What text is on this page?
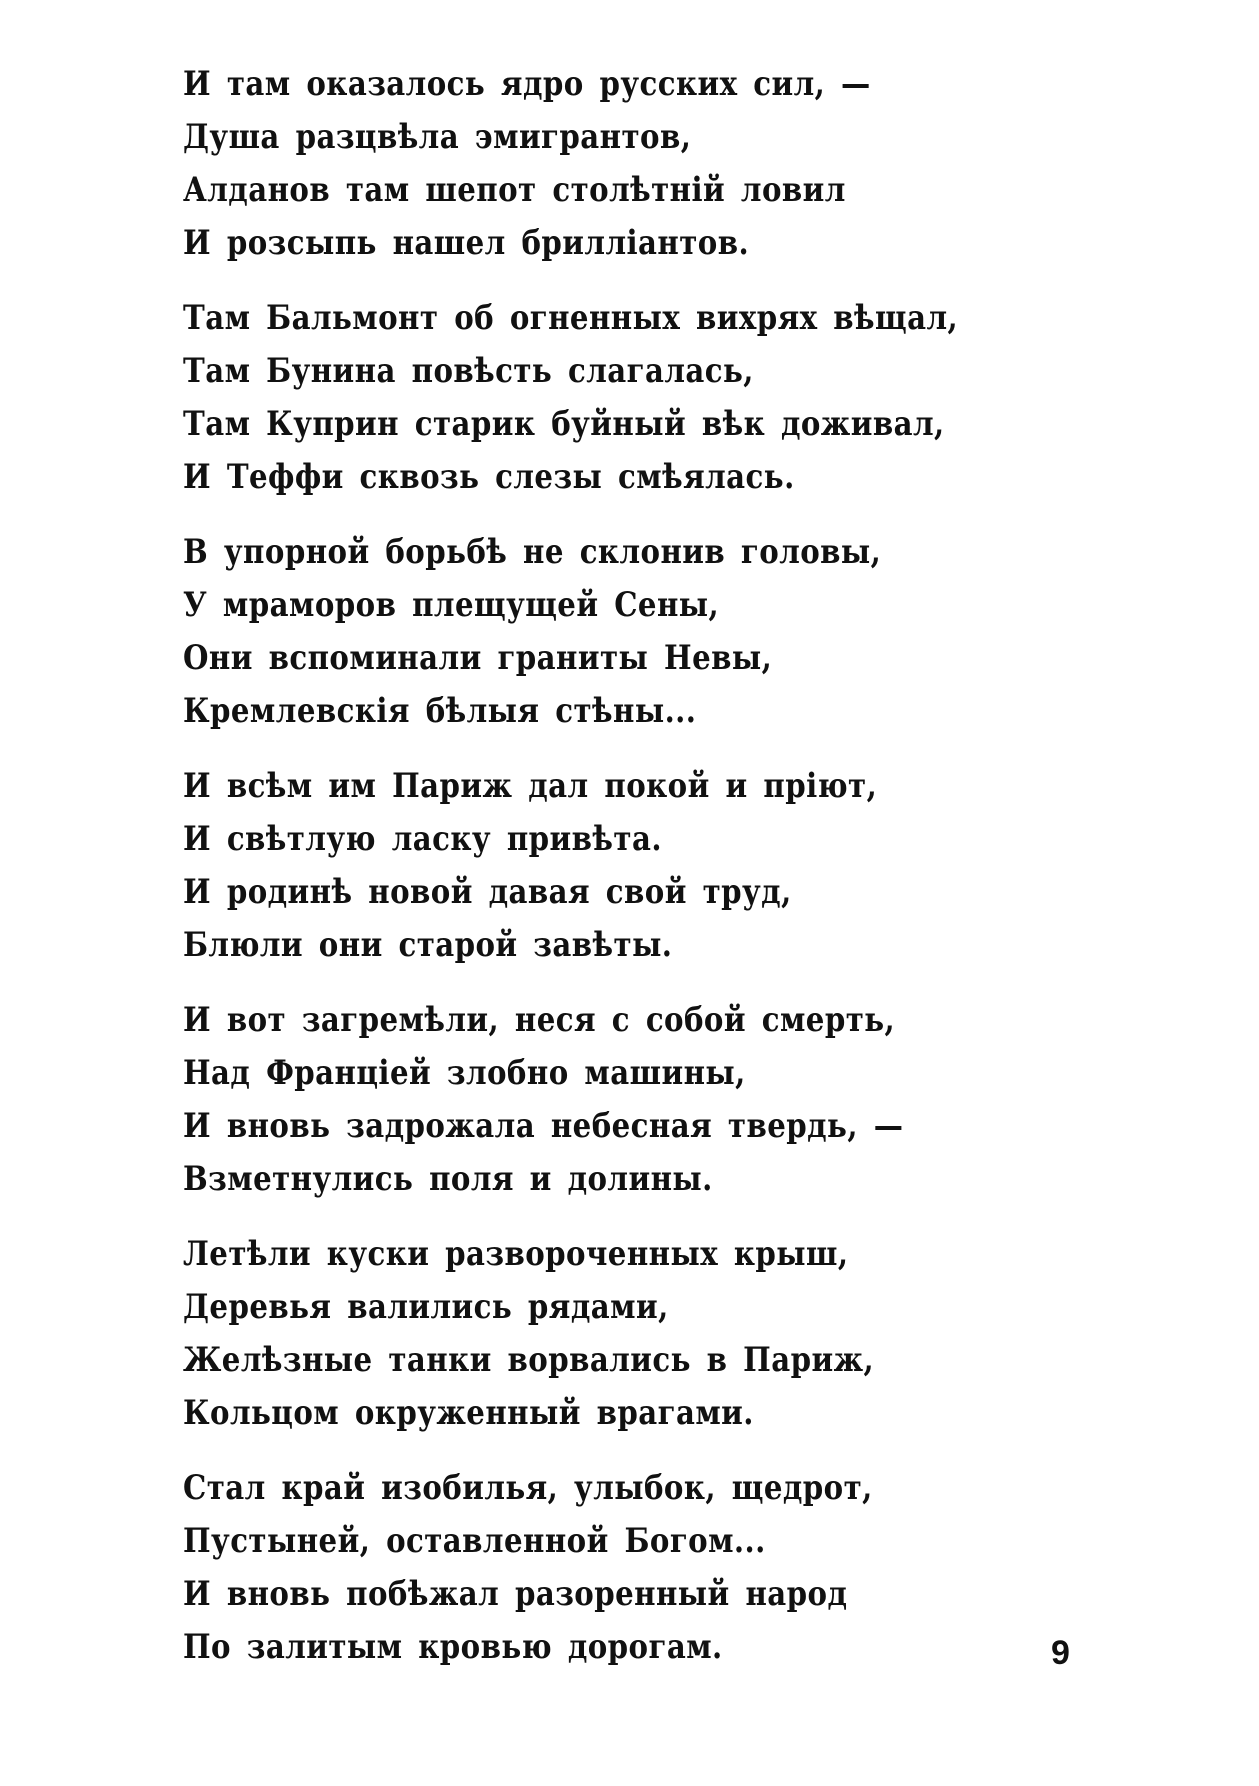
И там оказалось ядро русских сил, —
Душа разцвѣла эмигрантов,
Алданов там шепот столѣтній ловил
И розсыпь нашел бриллiантов.
Там Бальмонт об огненных вихрях вѣщал,
Там Бунина повѣсть слагалась,
Там Куприн старик буйный вѣк доживал,
И Теффи сквозь слезы смѣялась.
В упорной борьбѣ не склонив головы,
У мраморов плещущей Сены,
Они вспоминали граниты Невы,
Кремлевскія бѣлыя стѣны...
И всѣм им Париж дал покой и прiют,
И свѣтлую ласку привѣта.
И родинѣ новой давая свой труд,
Блюли они старой завѣты.
И вот загремѣли, неся с собой смерть,
Над Францiей злобно машины,
И вновь задрожала небесная твердь, —
Взметнулись поля и долины.
Летѣли куски развороченных крыш,
Деревья валились рядами,
Желѣзные танки ворвались в Париж,
Кольцом окруженный врагами.
Стал край изобилья, улыбок, щедрот,
Пустыней, оставленной Богом...
И вновь побѣжал разоренный народ
По залитым кровью дорогам.	9
